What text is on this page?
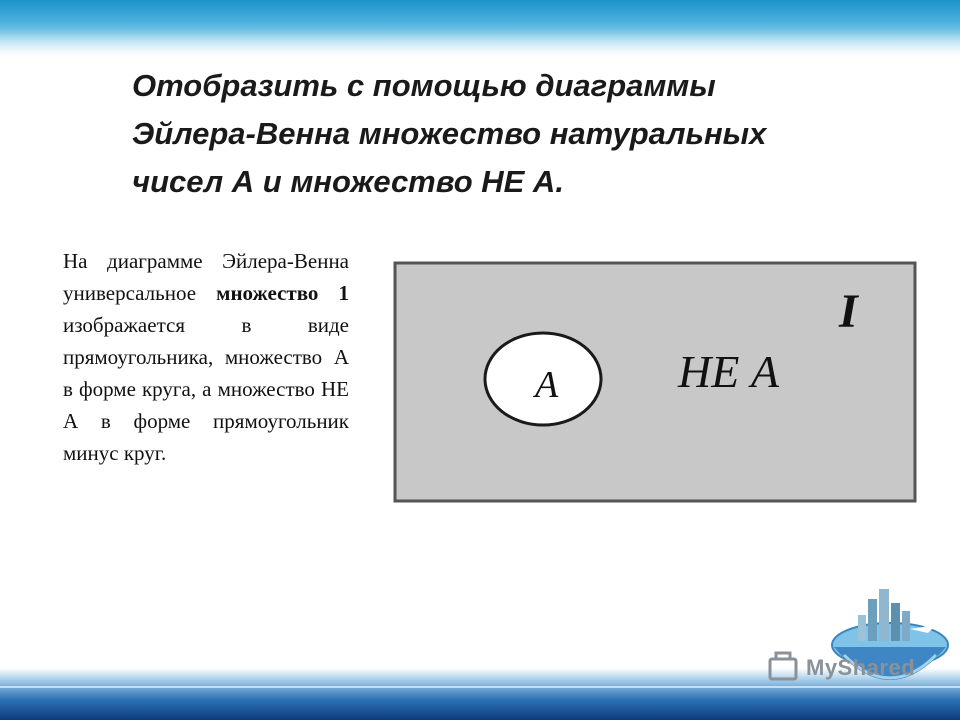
Отобразить с помощью диаграммы
Эйлера-Венна множество натуральных
чисел А и множество НЕ А.

На диаграмме Эйлера-Венна универсальное множество 1 изображается в виде прямоугольника, множество А в форме круга, а множество НЕ А в форме прямоугольник минус круг.

A	НЕ А
I
MyShared
